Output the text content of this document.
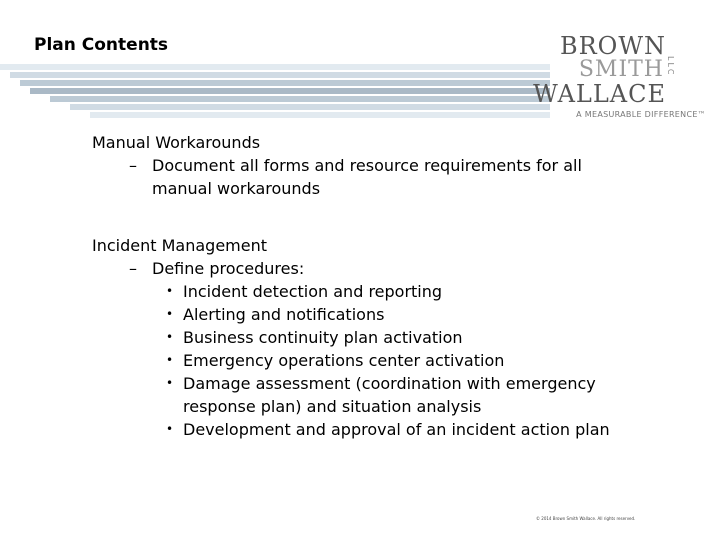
Plan Contents	BROWN
SMITH LLC
WALLACE
A MEASURABLE DIFFERENCE™

Manual Workarounds

– Document all forms and resource requirements for all

manual workarounds

Incident Management

– Define procedures:

• Incident detection and reporting

• Alerting and notifications

• Business continuity plan activation

• Emergency operations center activation

• Damage assessment (coordination with emergency

response plan) and situation analysis

• Development and approval of an incident action plan

© 2014 Brown Smith Wallace. All rights reserved.
